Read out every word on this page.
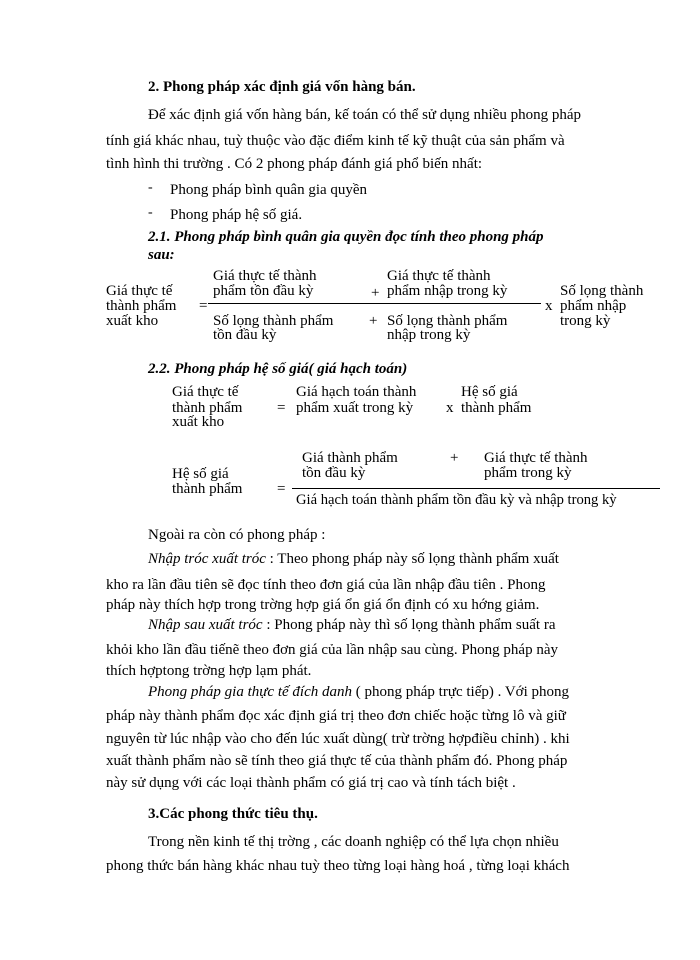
2. Phong pháp xác định giá vốn hàng bán.
Để xác định giá vốn hàng bán, kế toán có thể sử dụng nhiều phong pháp
tính giá khác nhau, tuỳ thuộc vào đặc điểm kinh tế kỹ thuật của sản phẩm và
tình hình thi trường . Có 2 phong pháp đánh giá phổ biến nhất:
- Phong pháp bình quân gia quyền
- Phong pháp hệ số giá.
2.1. Phong pháp bình quân gia quyền đọc tính theo phong pháp
sau:
Giá thực tế
thành phẩm
xuất kho
=
Giá thực tế thành
phẩm tồn đầu kỳ	+
Giá thực tế thành
phẩm nhập trong kỳ
Số lọng thành phẩm
tồn đầu kỳ
+ Số lọng thành phẩm
nhập trong kỳ
x
Số lọng thành
phẩm nhập
trong kỳ
2.2. Phong pháp hệ số giá( giá hạch toán)
Giá thực tế
thành phẩm
xuất kho
=
Giá hạch toán thành
phẩm xuất trong kỳ x
Hệ số giá
thành phẩm
Hệ số giá
thành phẩm =
Giá thành phẩm
tồn đầu kỳ
+ Giá thực tế thành
phẩm trong kỳ
Giá hạch toán thành phẩm tồn đầu kỳ và nhập trong kỳ
Ngoài ra còn có phong pháp :
Nhập tróc xuất tróc : Theo phong pháp này số lọng thành phẩm xuất
kho ra lần đầu tiên sẽ đọc tính theo đơn giá của lần nhập đầu tiên . Phong
pháp này thích hợp trong trờng hợp giá ổn giá ổn định có xu hớng giảm.
Nhập sau xuất tróc : Phong pháp này thì số lọng thành phẩm suất ra
khỏi kho lần đầu tiếnẽ theo đơn giá của lần nhập sau cùng. Phong pháp này
thích hợptong trờng hợp lạm phát.
Phong pháp gia thực tế đích danh ( phong pháp trực tiếp) . Với phong
pháp này thành phẩm đọc xác định giá trị theo đơn chiếc hoặc từng lô và giữ
nguyên từ lúc nhập vào cho đến lúc xuất dùng( trừ trờng hợpđiều chỉnh) . khi
xuất thành phẩm nào sẽ tính theo giá thực tế của thành phẩm đó. Phong pháp
này sử dụng với các loại thành phẩm có giá trị cao và tính tách biệt .
3.Các phong thức tiêu thụ.
Trong nền kinh tế thị trờng , các doanh nghiệp có thể lựa chọn nhiều
phong thức bán hàng khác nhau tuỳ theo từng loại hàng hoá , từng loại khách
